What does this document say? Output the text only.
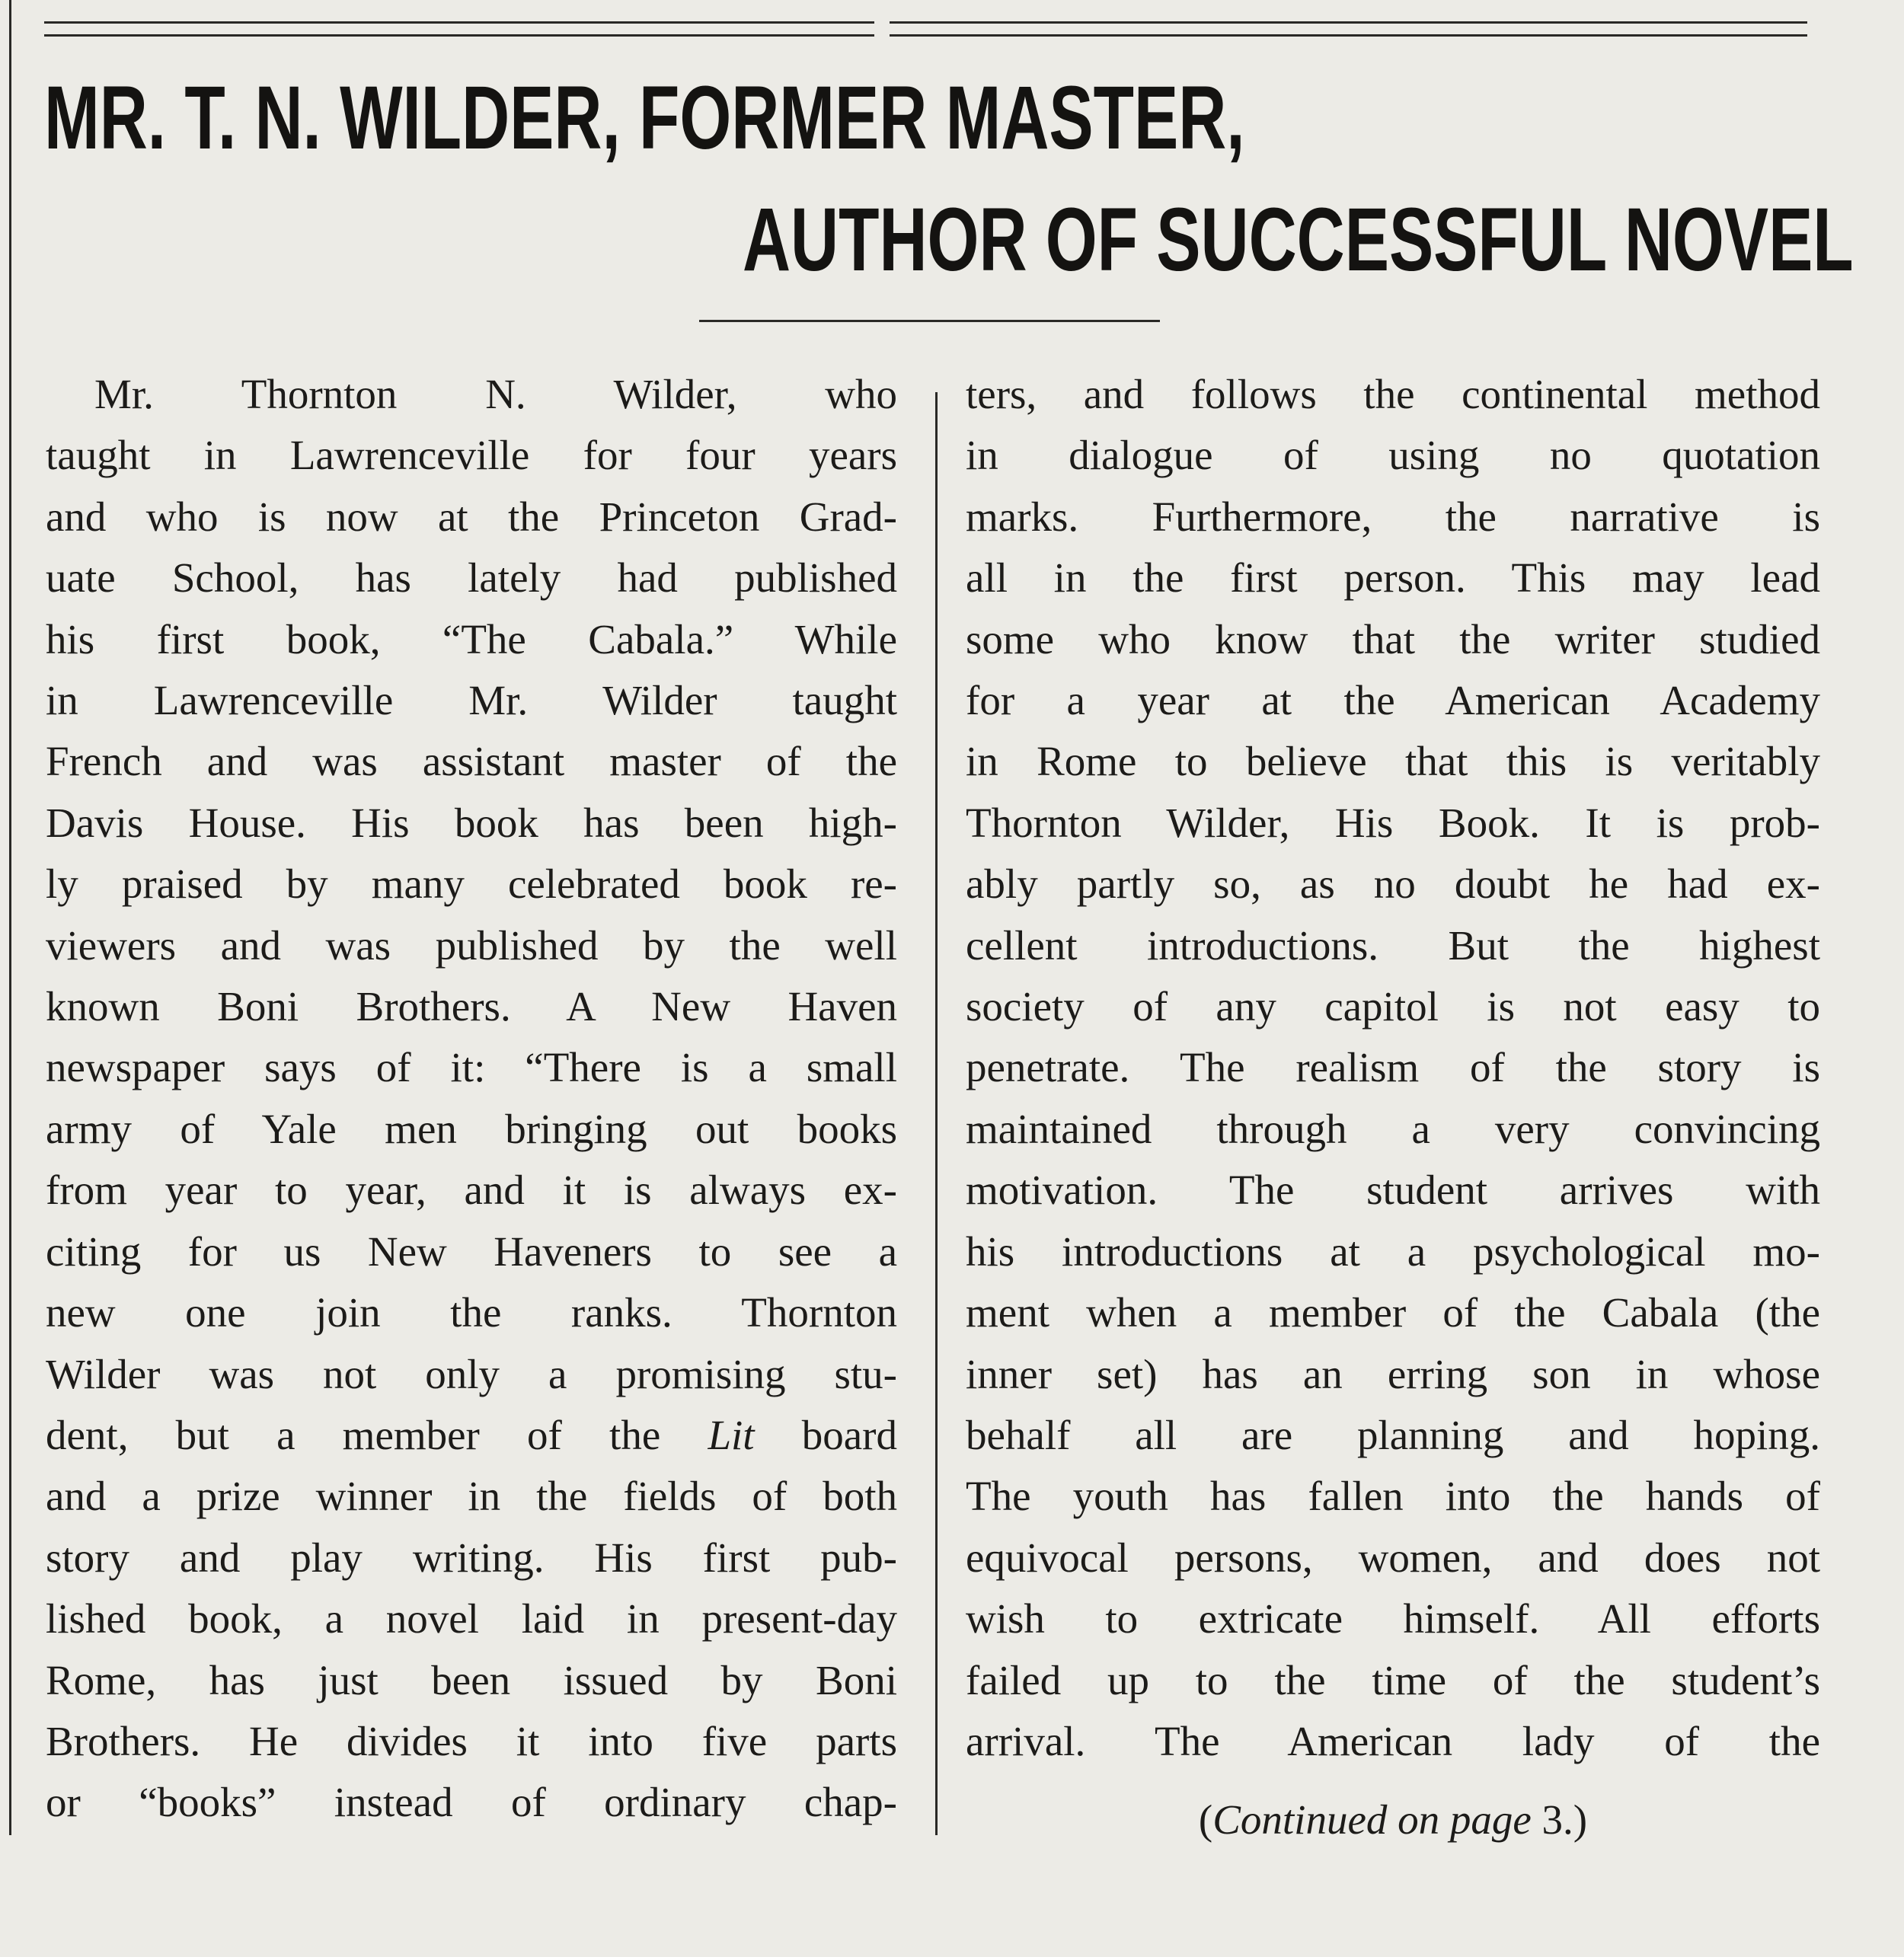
MR. T. N. WILDER, FORMER MASTER,
AUTHOR OF SUCCESSFUL NOVEL
Mr. Thornton N. Wilder, who
taught in Lawrenceville for four years
and who is now at the Princeton Grad-
uate School, has lately had published
his first book, “The Cabala.” While
in Lawrenceville Mr. Wilder taught
French and was assistant master of the
Davis House. His book has been high-
ly praised by many celebrated book re-
viewers and was published by the well
known Boni Brothers. A New Haven
newspaper says of it: “There is a small
army of Yale men bringing out books
from year to year, and it is always ex-
citing for us New Haveners to see a
new one join the ranks. Thornton
Wilder was not only a promising stu-
dent, but a member of the Lit board
and a prize winner in the fields of both
story and play writing. His first pub-
lished book, a novel laid in present-day
Rome, has just been issued by Boni
Brothers. He divides it into five parts
or “books” instead of ordinary chap-
ters, and follows the continental method
in dialogue of using no quotation
marks. Furthermore, the narrative is
all in the first person. This may lead
some who know that the writer studied
for a year at the American Academy
in Rome to believe that this is veritably
Thornton Wilder, His Book. It is prob-
ably partly so, as no doubt he had ex-
cellent introductions. But the highest
society of any capitol is not easy to
penetrate. The realism of the story is
maintained through a very convincing
motivation. The student arrives with
his introductions at a psychological mo-
ment when a member of the Cabala (the
inner set) has an erring son in whose
behalf all are planning and hoping.
The youth has fallen into the hands of
equivocal persons, women, and does not
wish to extricate himself. All efforts
failed up to the time of the student’s
arrival. The American lady of the
(Continued on page 3.)
